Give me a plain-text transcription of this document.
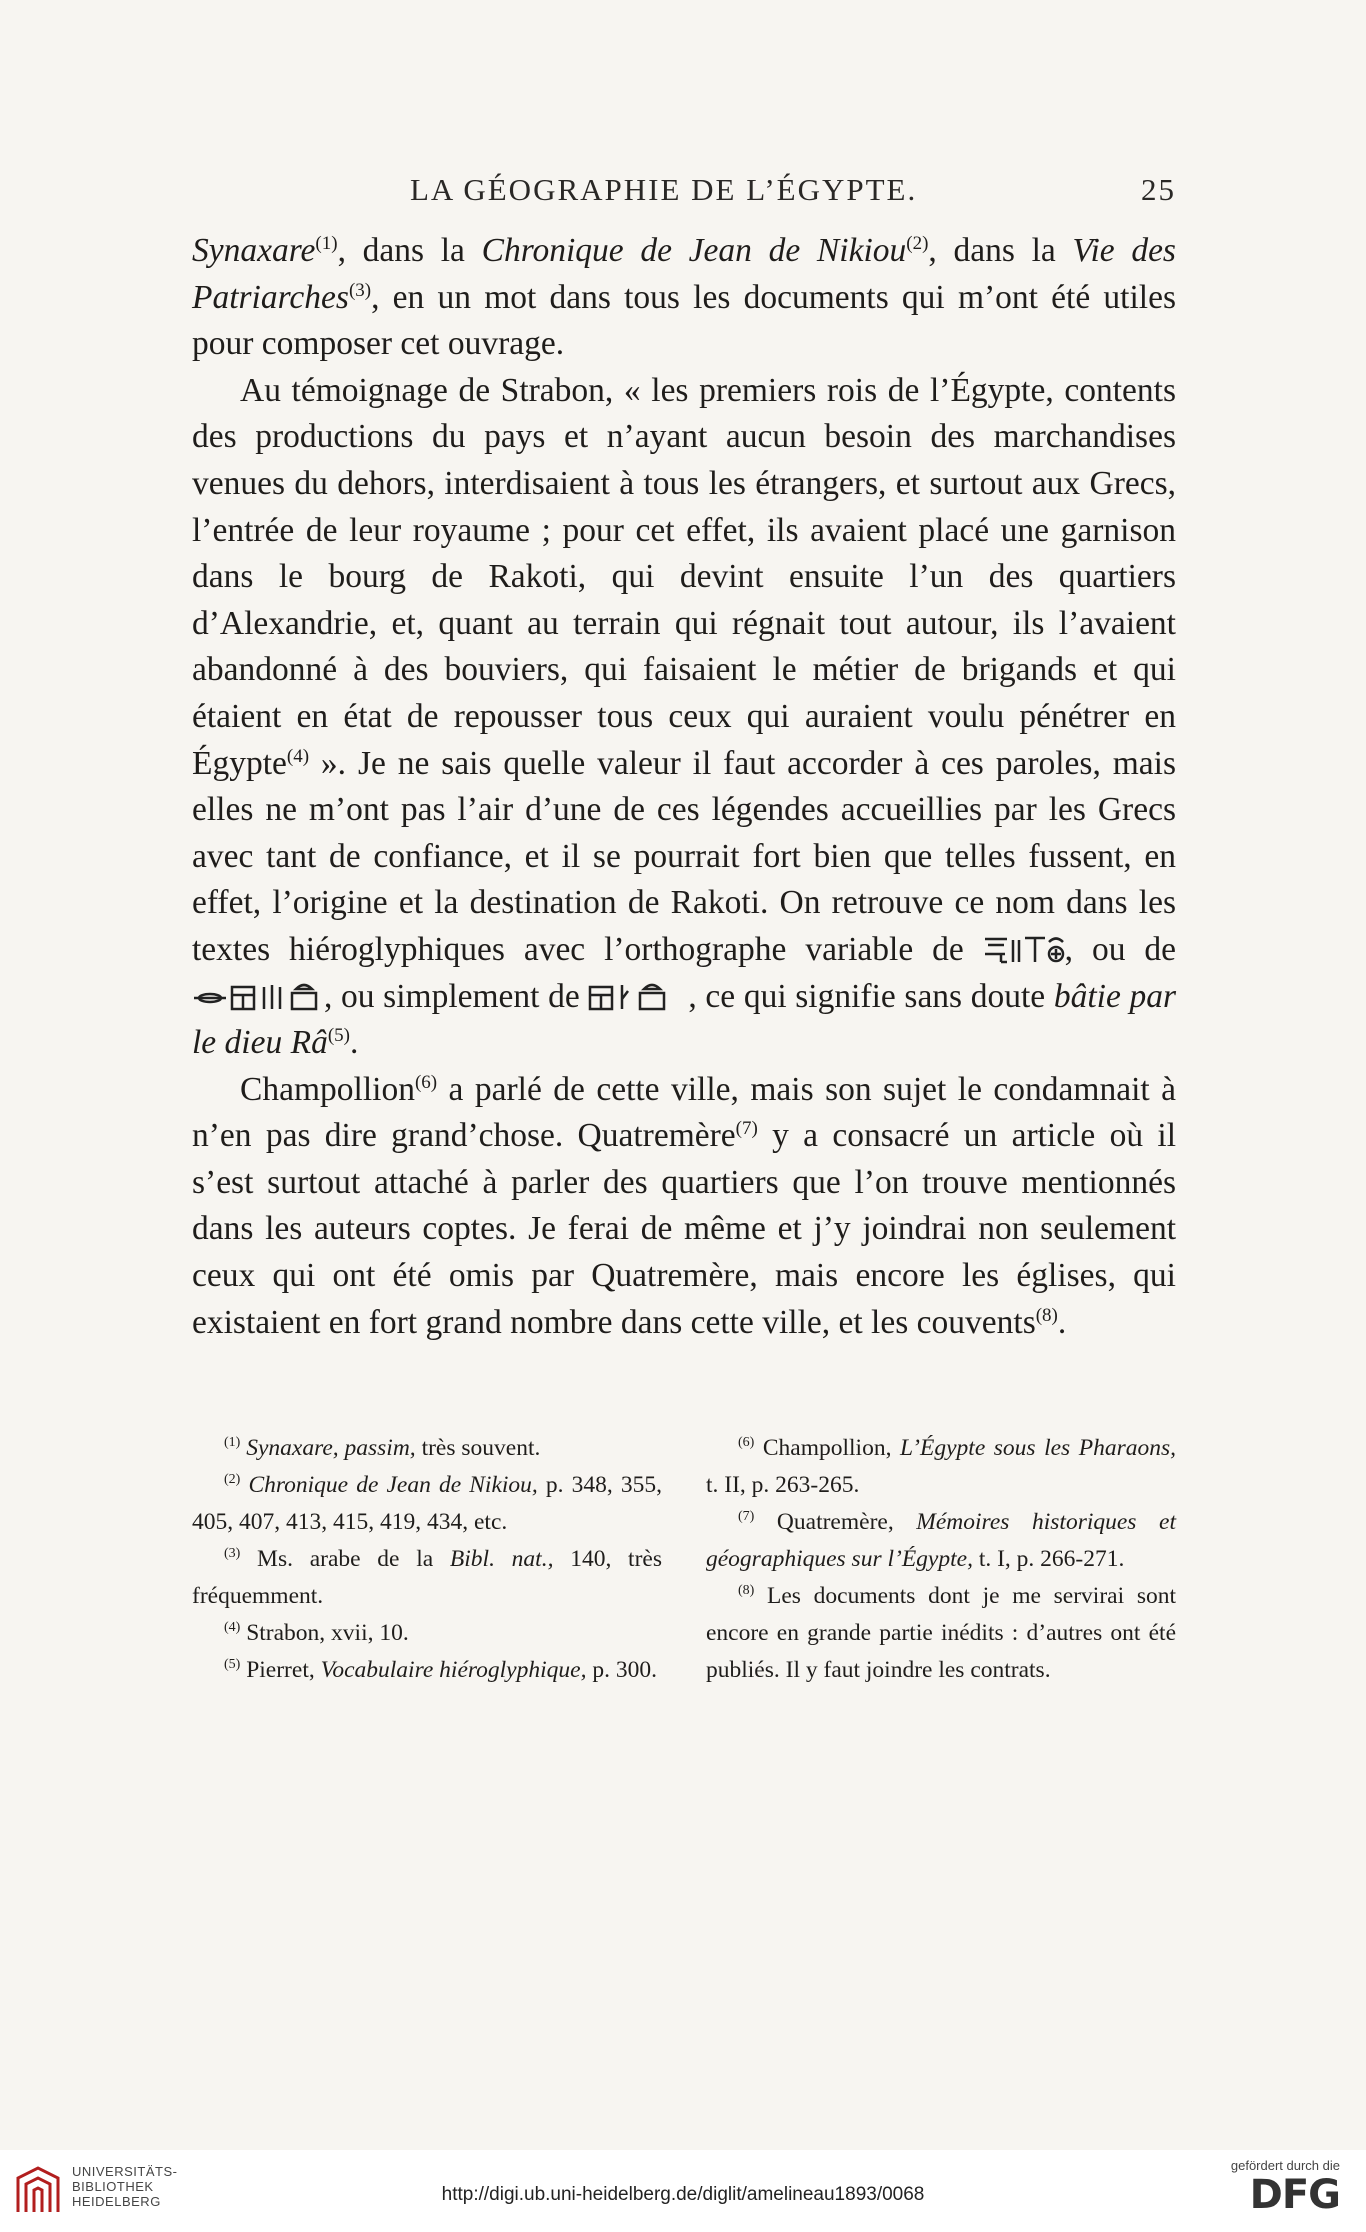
LA GÉOGRAPHIE DE L’ÉGYPTE.	25

Synaxare$^{(1)}$, dans la Chronique de Jean de Nikiou$^{(2)}$, dans la Vie des Patriarches$^{(3)}$, en un mot dans tous les documents qui m’ont été utiles pour composer cet ouvrage.

Au témoignage de Strabon, « les premiers rois de l’Égypte, contents des productions du pays et n’ayant aucun besoin des marchandises venues du dehors, interdisaient à tous les étrangers, et surtout aux Grecs, l’entrée de leur royaume ; pour cet effet, ils avaient placé une garnison dans le bourg de Rakoti, qui devint ensuite l’un des quartiers d’Alexandrie, et, quant au terrain qui régnait tout autour, ils l’avaient abandonné à des bouviers, qui faisaient le métier de brigands et qui étaient en état de repousser tous ceux qui auraient voulu pénétrer en Égypte$^{(4)}$ ». Je ne sais quelle valeur il faut accorder à ces paroles, mais elles ne m’ont pas l’air d’une de ces légendes accueillies par les Grecs avec tant de confiance, et il se pourrait fort bien que telles fussent, en effet, l’origine et la destination de Rakoti. On retrouve ce nom dans les textes hiéroglyphiques avec l’orthographe variable de
, ou de
, ou simplement de	, ce qui signifie sans doute bâtie par le dieu $Râ^{(5)}$.

Champollion$^{(6)}$ a parlé de cette ville, mais son sujet le condamnait à n’en pas dire grand’chose. Quatremère$^{(7)}$ y a consacré un article où il s’est surtout attaché à parler des quartiers que l’on trouve mentionnés dans les auteurs coptes. Je ferai de même et j’y joindrai non seulement ceux qui ont été omis par Quatremère, mais encore les églises, qui existaient en fort grand nombre dans cette ville, et les couvents$^{(8)}$.

$^{(1)}$ Synaxare, passim, très souvent.

$^{(2)}$ Chronique de Jean de Nikiou, p. 348, 355, 405, 407, 413, 415, 419, 434, etc.

$^{(3)}$ Ms. arabe de la Bibl. nat., 140, très fréquemment.

$^{(4)}$ Strabon, xvii, 10.

$^{(5)}$ Pierret, Vocabulaire hiéroglyphique, p. 300.

$^{(6)}$ Champollion, L’Égypte sous les Pharaons, t. II, p. 263-265.

$^{(7)}$ Quatremère, Mémoires historiques et géographiques sur l’Égypte, t. I, p. 266-271.

$^{(8)}$ Les documents dont je me servirai sont encore en grande partie inédits : d’autres ont été publiés. Il y faut joindre les contrats.

UNIVERSITÄTS-
BIBLIOTHEK
HEIDELBERG	http://digi.ub.uni-heidelberg.de/diglit/amelineau1893/0068
gefördert durch die
DFG
